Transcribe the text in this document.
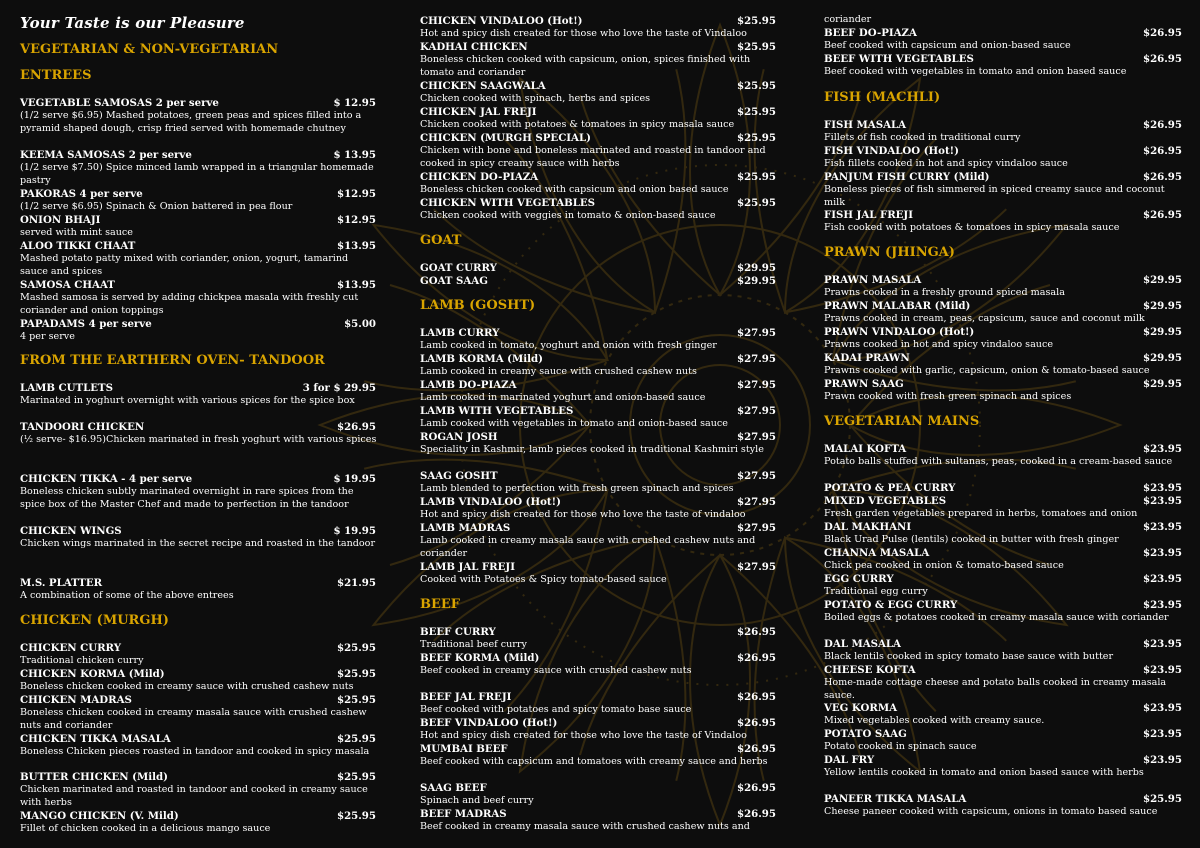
Your Taste is our Pleasure
VEGETARIAN & NON-VEGETARIAN
ENTREES
FROM THE EARTHERN OVEN- TANDOOR
CHICKEN (MURGH)
VEGETABLE SAMOSAS 2 per serve	$ 12.95
(1/2 serve $6.95) Mashed potatoes, green peas and spices filled into a pyramid shaped dough, crisp fried served with homemade chutney
KEEMA SAMOSAS 2 per serve	$ 13.95
(1/2 serve $7.50) Spice minced lamb wrapped in a triangular homemade pastry
PAKORAS 4 per serve	$12.95
(1/2 serve $6.95) Spinach & Onion battered in pea flour
ONION BHAJI	$12.95
served with mint sauce
ALOO TIKKI CHAAT	$13.95
Mashed potato patty mixed with coriander, onion, yogurt, tamarind sauce and spices
SAMOSA CHAAT	$13.95
Mashed samosa is served by adding chickpea masala with freshly cut coriander and onion toppings
PAPADAMS 4 per serve	$5.00
4 per serve
LAMB CUTLETS	3 for $ 29.95
Marinated in yoghurt overnight with various spices for the spice box
TANDOORI CHICKEN	$26.95
(½ serve- $16.95)Chicken marinated in fresh yoghurt with various spices
CHICKEN TIKKA - 4 per serve	$ 19.95
Boneless chicken subtly marinated overnight in rare spices from the spice box of the Master Chef and made to perfection in the tandoor
CHICKEN WINGS	$ 19.95
Chicken wings marinated in the secret recipe and roasted in the tandoor
M.S. PLATTER	$21.95
A combination of some of the above entrees
CHICKEN CURRY	$25.95
Traditional chicken curry
CHICKEN KORMA (Mild)	$25.95
Boneless chicken cooked in creamy sauce with crushed cashew nuts
CHICKEN MADRAS	$25.95
Boneless chicken cooked in creamy masala sauce with crushed cashew nuts and coriander
CHICKEN TIKKA MASALA	$25.95
Boneless Chicken pieces roasted in tandoor and cooked in spicy masala
BUTTER CHICKEN (Mild)	$25.95
Chicken marinated and roasted in tandoor and cooked in creamy sauce with herbs
MANGO CHICKEN (V. Mild)	$25.95
Fillet of chicken cooked in a delicious mango sauce
GOAT
LAMB (GOSHT)
BEEF
CHICKEN VINDALOO (Hot!)	$25.95
Hot and spicy dish created for those who love the taste of Vindaloo
KADHAI CHICKEN	$25.95
Boneless chicken cooked with capsicum, onion, spices finished with tomato and coriander
CHICKEN SAAGWALA	$25.95
Chicken cooked with spinach, herbs and spices
CHICKEN JAL FREJI	$25.95
Chicken cooked with potatoes & tomatoes in spicy masala sauce
CHICKEN (MURGH SPECIAL)	$25.95
Chicken with bone and boneless marinated and roasted in tandoor and cooked in spicy creamy sauce with herbs
CHICKEN DO-PIAZA	$25.95
Boneless chicken cooked with capsicum and onion based sauce
CHICKEN WITH VEGETABLES	$25.95
Chicken cooked with veggies in tomato & onion-based sauce
GOAT CURRY	$29.95
GOAT SAAG	$29.95
LAMB CURRY	$27.95
Lamb cooked in tomato, yoghurt and onion with fresh ginger
LAMB KORMA (Mild)	$27.95
Lamb cooked in creamy sauce with crushed cashew nuts
LAMB DO-PIAZA	$27.95
Lamb cooked in marinated yoghurt and onion-based sauce
LAMB WITH VEGETABLES	$27.95
Lamb cooked with vegetables in tomato and onion-based sauce
ROGAN JOSH	$27.95
Speciality in Kashmir, lamb pieces cooked in traditional Kashmiri style
SAAG GOSHT	$27.95
Lamb blended to perfection with fresh green spinach and spices
LAMB VINDALOO (Hot!)	$27.95
Hot and spicy dish created for those who love the taste of vindaloo
LAMB MADRAS	$27.95
Lamb cooked in creamy masala sauce with crushed cashew nuts and coriander
LAMB JAL FREJI	$27.95
Cooked with Potatoes & Spicy tomato-based sauce
BEEF CURRY	$26.95
Traditional beef curry
BEEF KORMA (Mild)	$26.95
Beef cooked in creamy sauce with crushed cashew nuts
BEEF JAL FREJI	$26.95
Beef cooked with potatoes and spicy tomato base sauce
BEEF VINDALOO (Hot!)	$26.95
Hot and spicy dish created for those who love the taste of Vindaloo
MUMBAI BEEF	$26.95
Beef cooked with capsicum and tomatoes with creamy sauce and herbs
SAAG BEEF	$26.95
Spinach and beef curry
BEEF MADRAS	$26.95
Beef cooked in creamy masala sauce with crushed cashew nuts and
coriander
FISH (MACHLI)
PRAWN (JHINGA)
VEGETARIAN MAINS
BEEF DO-PIAZA	$26.95
Beef cooked with capsicum and onion-based sauce
BEEF WITH VEGETABLES	$26.95
Beef cooked with vegetables in tomato and onion based sauce
FISH MASALA	$26.95
Fillets of fish cooked in traditional curry
FISH VINDALOO (Hot!)	$26.95
Fish fillets cooked in hot and spicy vindaloo sauce
PANJUM FISH CURRY (Mild)	$26.95
Boneless pieces of fish simmered in spiced creamy sauce and coconut milk
FISH JAL FREJI	$26.95
Fish cooked with potatoes & tomatoes in spicy masala sauce
PRAWN MASALA	$29.95
Prawns cooked in a freshly ground spiced masala
PRAWN MALABAR (Mild)	$29.95
Prawns cooked in cream, peas, capsicum, sauce and coconut milk
PRAWN VINDALOO (Hot!)	$29.95
Prawns cooked in hot and spicy vindaloo sauce
KADAI PRAWN	$29.95
Prawns cooked with garlic, capsicum, onion & tomato-based sauce
PRAWN SAAG	$29.95
Prawn cooked with fresh green spinach and spices
MALAI KOFTA	$23.95
Potato balls stuffed with sultanas, peas, cooked in a cream-based sauce
POTATO & PEA CURRY	$23.95
MIXED VEGETABLES	$23.95
Fresh garden vegetables prepared in herbs, tomatoes and onion
DAL MAKHANI	$23.95
Black Urad Pulse (lentils) cooked in butter with fresh ginger
CHANNA MASALA	$23.95
Chick pea cooked in onion & tomato-based sauce
EGG CURRY	$23.95
Traditional egg curry
POTATO & EGG CURRY	$23.95
Boiled eggs & potatoes cooked in creamy masala sauce with coriander
DAL MASALA	$23.95
Black lentils cooked in spicy tomato base sauce with butter
CHEESE KOFTA	$23.95
Home-made cottage cheese and potato balls cooked in creamy masala sauce.
VEG KORMA	$23.95
Mixed vegetables cooked with creamy sauce.
POTATO SAAG	$23.95
Potato cooked in spinach sauce
DAL FRY	$23.95
Yellow lentils cooked in tomato and onion based sauce with herbs
PANEER TIKKA MASALA	$25.95
Cheese paneer cooked with capsicum, onions in tomato based sauce
